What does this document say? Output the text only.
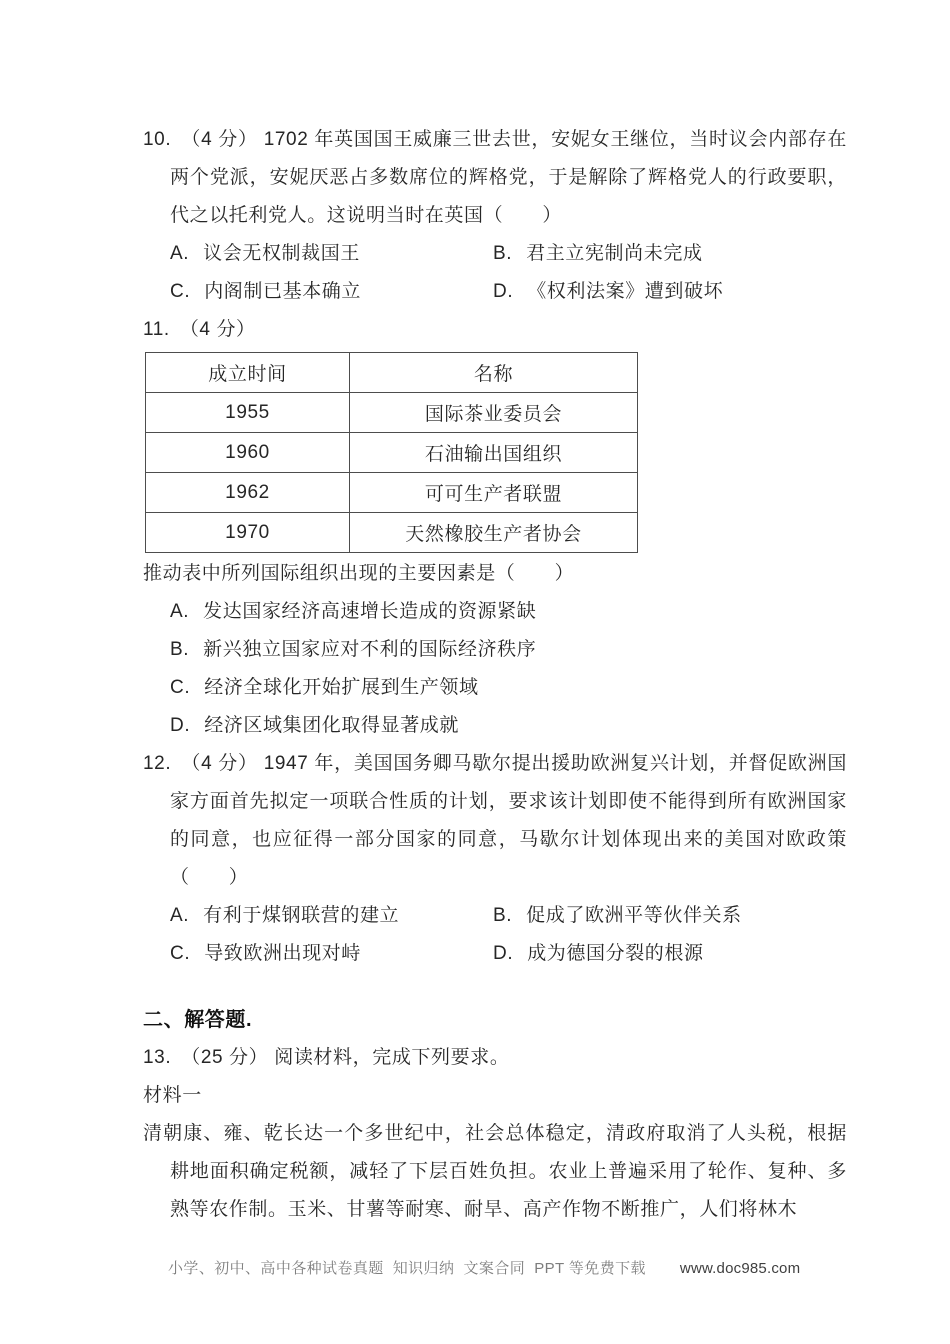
10. （4 分） 1702 年英国国王威廉三世去世，安妮女王继位，当时议会内部存在两个党派，安妮厌恶占多数席位的辉格党，于是解除了辉格党人的行政要职，代之以托利党人。这说明当时在英国（　　）
A. 议会无权制裁国王	B. 君主立宪制尚未完成
C. 内阁制已基本确立	D. 《权利法案》遭到破坏
11. （4 分）
成立时间	名称
1955	国际茶业委员会
1960	石油输出国组织
1962	可可生产者联盟
1970	天然橡胶生产者协会
推动表中所列国际组织出现的主要因素是（　　）
A. 发达国家经济高速增长造成的资源紧缺
B. 新兴独立国家应对不利的国际经济秩序
C. 经济全球化开始扩展到生产领域
D. 经济区域集团化取得显著成就
12. （4 分） 1947 年，美国国务卿马歇尔提出援助欧洲复兴计划，并督促欧洲国家方面首先拟定一项联合性质的计划，要求该计划即使不能得到所有欧洲国家的同意，也应征得一部分国家的同意，马歇尔计划体现出来的美国对欧政策（　　）
A. 有利于煤钢联营的建立	B. 促成了欧洲平等伙伴关系
C. 导致欧洲出现对峙	D. 成为德国分裂的根源
二、解答题.
13. （25 分） 阅读材料，完成下列要求。
材料一
清朝康、雍、乾长达一个多世纪中，社会总体稳定，清政府取消了人头税，根据耕地面积确定税额，减轻了下层百姓负担。农业上普遍采用了轮作、复种、多熟等农作制。玉米、甘薯等耐寒、耐旱、高产作物不断推广，人们将林木

小学、初中、高中各种试卷真题  知识归纳  文案合同  PPT 等免费下载 www.doc985.com
